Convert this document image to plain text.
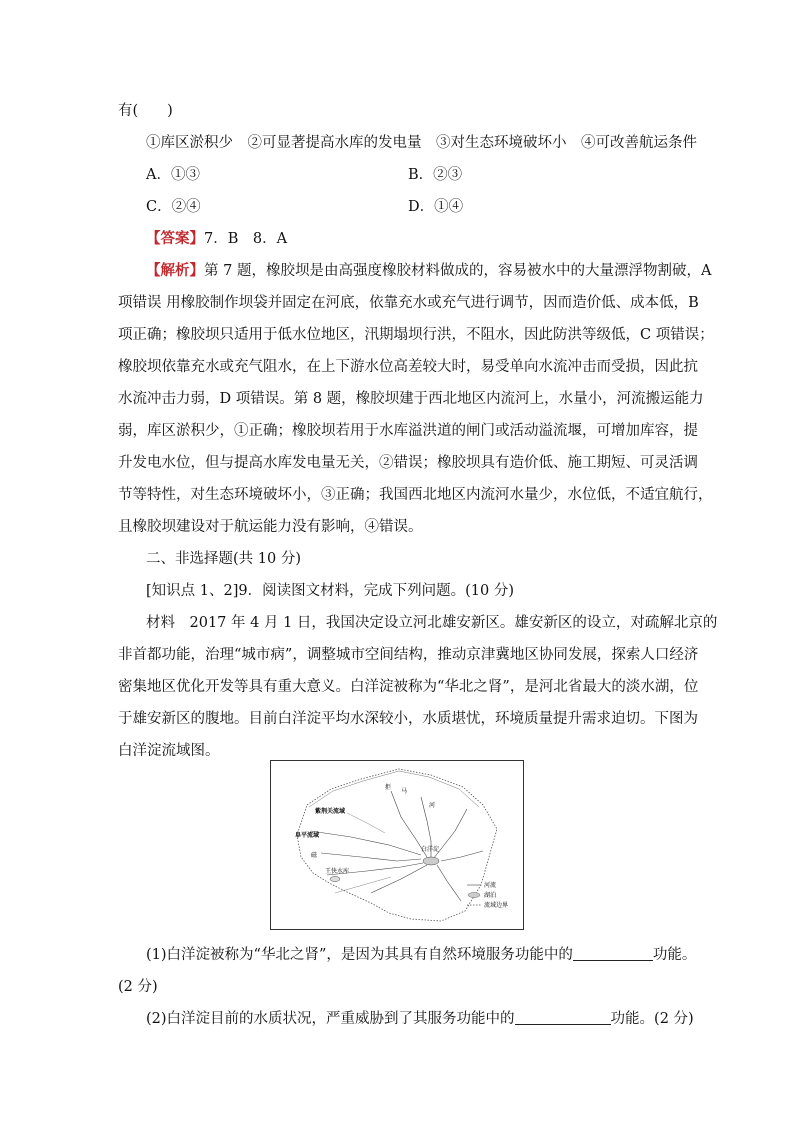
有(　　)
①库区淤积少　②可显著提高水库的发电量　③对生态环境破坏小　④可改善航运条件
A．①③	B．②③
C．②④	D．①④
【答案】7．B　8．A
【解析】第 7 题，橡胶坝是由高强度橡胶材料做成的，容易被水中的大量漂浮物割破，A
项错误 用橡胶制作坝袋并固定在河底，依靠充水或充气进行调节，因而造价低、成本低，B
项正确；橡胶坝只适用于低水位地区，汛期塌坝行洪，不阻水，因此防洪等级低，C 项错误；
橡胶坝依靠充水或充气阻水，在上下游水位高差较大时，易受单向水流冲击而受损，因此抗
水流冲击力弱，D 项错误。第 8 题，橡胶坝建于西北地区内流河上，水量小，河流搬运能力
弱，库区淤积少，①正确；橡胶坝若用于水库溢洪道的闸门或活动溢流堰，可增加库容，提
升发电水位，但与提高水库发电量无关，②错误；橡胶坝具有造价低、施工期短、可灵活调
节等特性，对生态环境破坏小，③正确；我国西北地区内流河水量少，水位低，不适宜航行，
且橡胶坝建设对于航运能力没有影响，④错误。
二、非选择题(共 10 分)
[知识点 1、2]9．阅读图文材料，完成下列问题。(10 分)
材料　2017 年 4 月 1 日，我国决定设立河北雄安新区。雄安新区的设立，对疏解北京的
非首都功能，治理“城市病”，调整城市空间结构，推动京津冀地区协同发展，探索人口经济
密集地区优化开发等具有重大意义。白洋淀被称为“华北之肾”，是河北省最大的淡水湖，位
于雄安新区的腹地。目前白洋淀平均水深较小，水质堪忧，环境质量提升需求迫切。下图为
白洋淀流域图。
紫荆关流域
阜平流域
白洋淀
王快水库
拒
马
河
磁
河流
湖泊
流域边界
(1)白洋淀被称为“华北之肾”，是因为其具有自然环境服务功能中的	功能。
(2 分)
(2)白洋淀目前的水质状况，严重威胁到了其服务功能中的	功能。(2 分)
